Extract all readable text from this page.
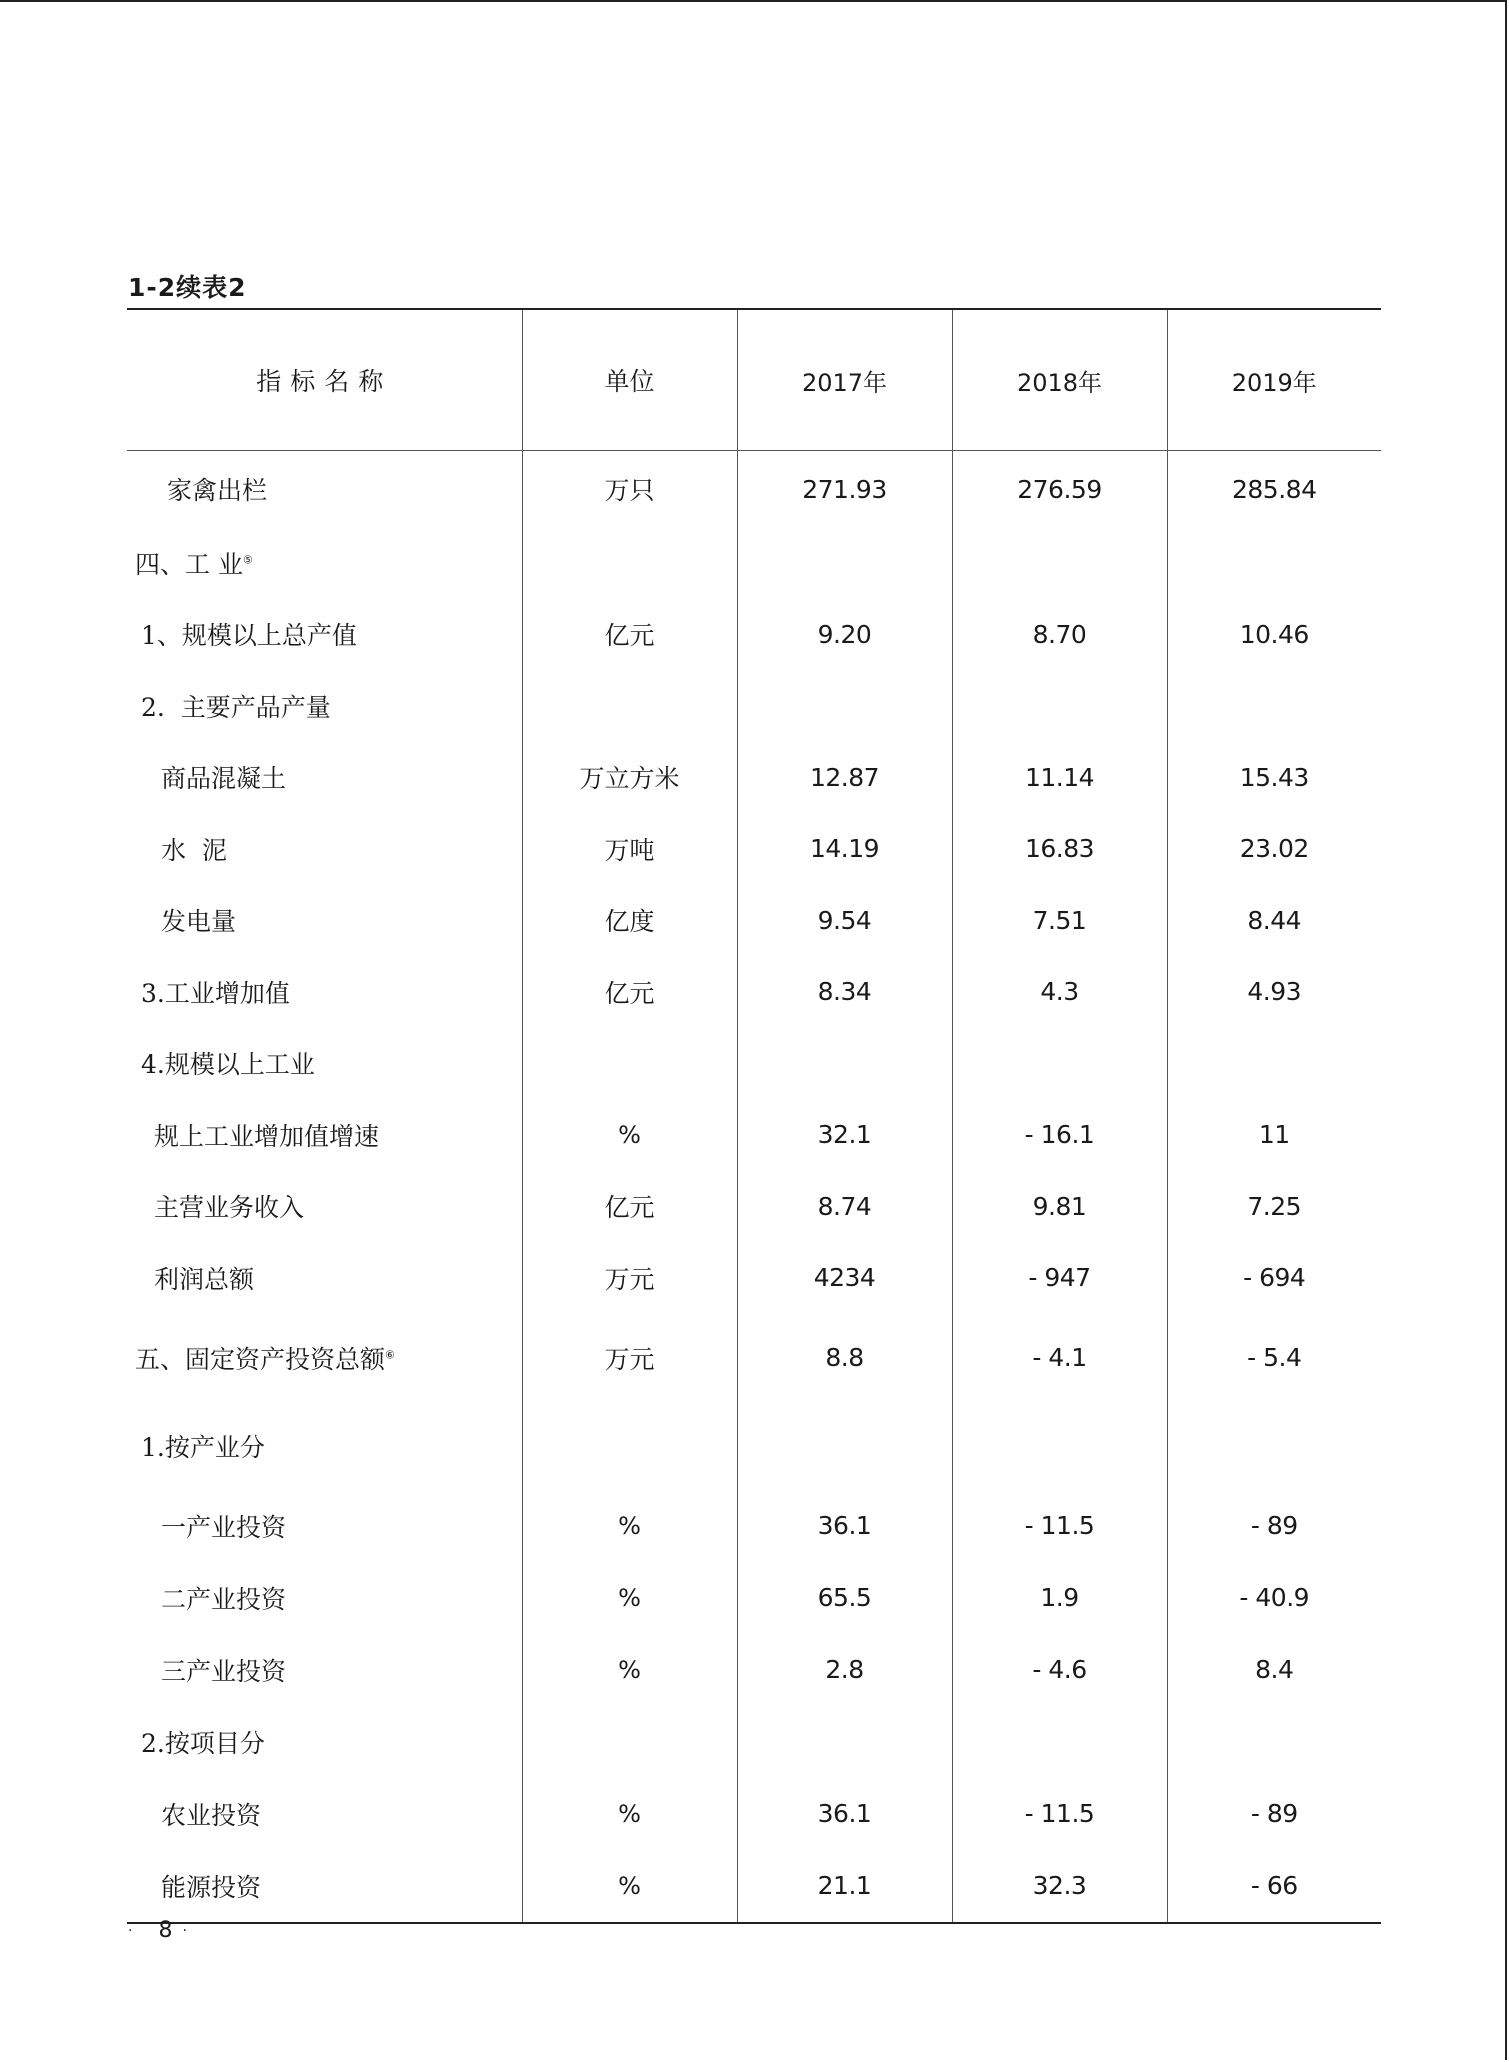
1-2续表2
指标名称	单位	2017年	2018年	2019年
家禽出栏	万只	271.93	276.59	285.84
四、工 业⑤				
1、规模以上总产值	亿元	9.20	8.70	10.46
2.  主要产品产量				
商品混凝土	万立方米	12.87	11.14	15.43
水  泥	万吨	14.19	16.83	23.02
发电量	亿度	9.54	7.51	8.44
3.工业增加值	亿元	8.34	4.3	4.93
4.规模以上工业				
规上工业增加值增速	%	32.1	- 16.1	11
主营业务收入	亿元	8.74	9.81	7.25
利润总额	万元	4234	- 947	- 694
五、固定资产投资总额⑥	万元	8.8	- 4.1	- 5.4
1.按产业分				
一产业投资	%	36.1	- 11.5	- 89
二产业投资	%	65.5	1.9	- 40.9
三产业投资	%	2.8	- 4.6	8.4
2.按项目分				
农业投资	%	36.1	- 11.5	- 89
能源投资	%	21.1	32.3	- 66
· 8 ·
